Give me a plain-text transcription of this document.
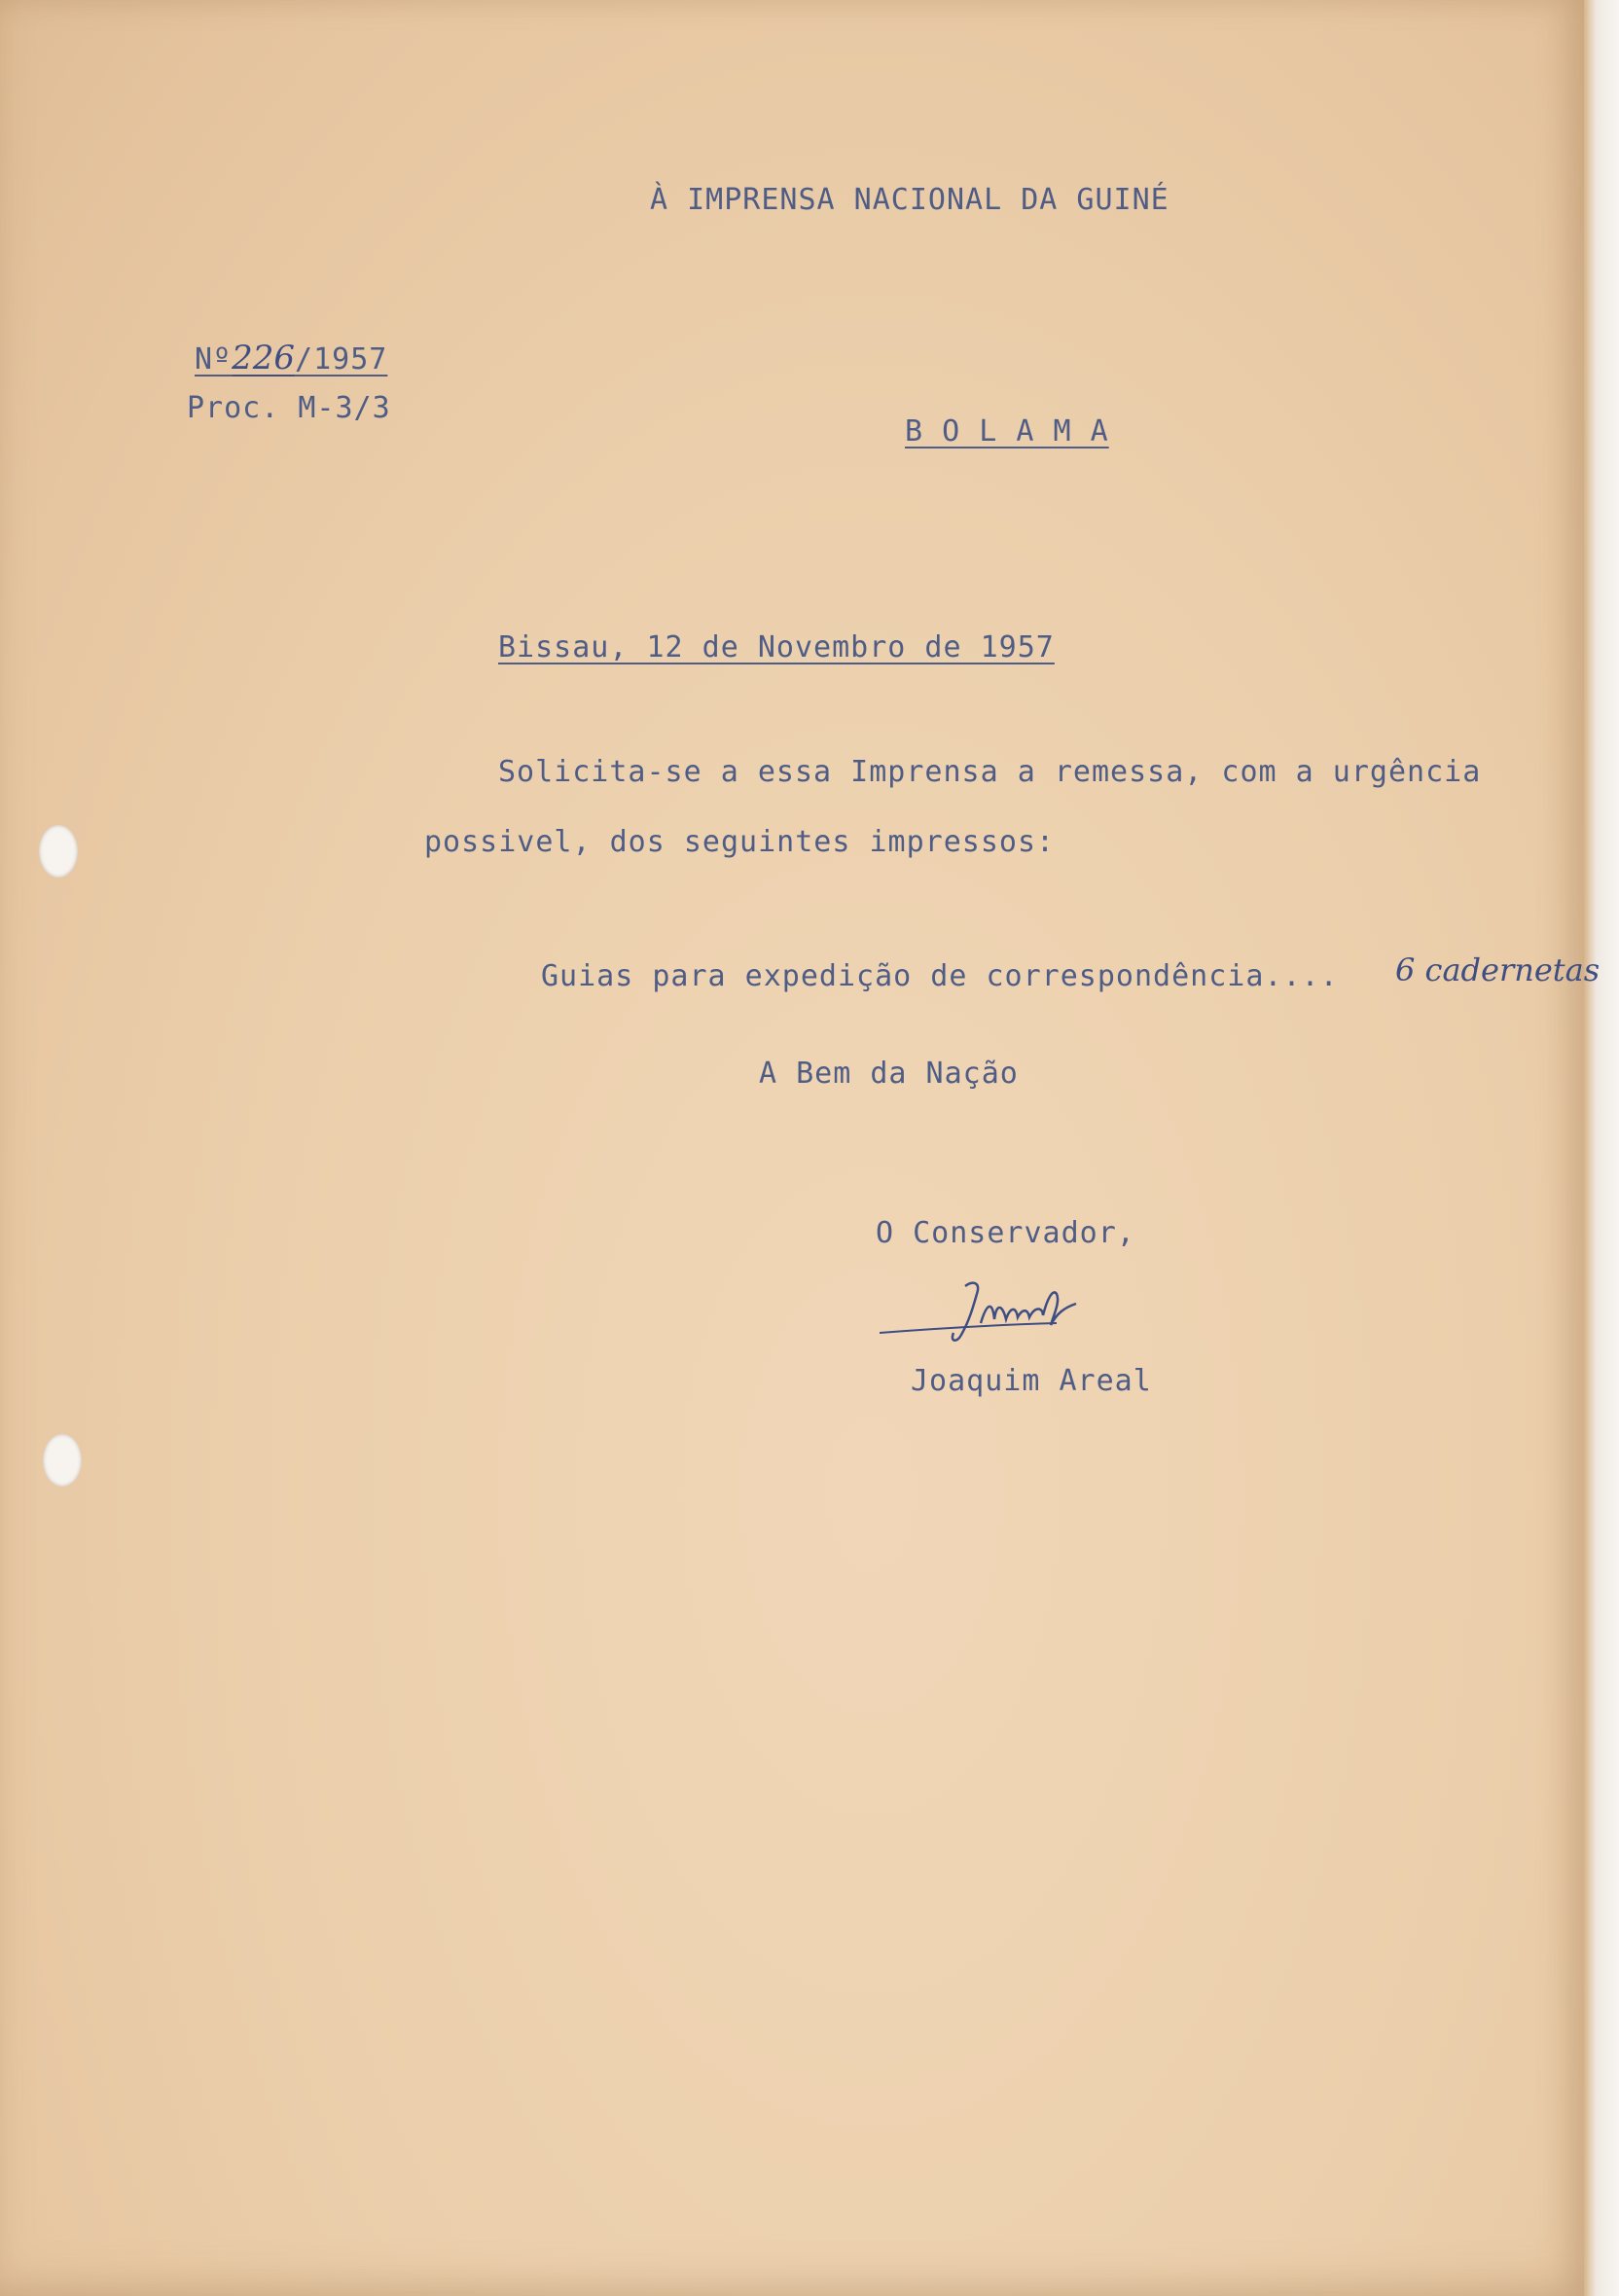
À IMPRENSA NACIONAL DA GUINÉ

Nº226/1957

Proc. M-3/3

B O L A M A

Bissau, 12 de Novembro de 1957

Solicita-se a essa Imprensa a remessa, com a urgência

possivel, dos seguintes impressos:

Guias para expedição de correspondência.... 6 cadernetas

A Bem da Nação

O Conservador,

Joaquim Areal
